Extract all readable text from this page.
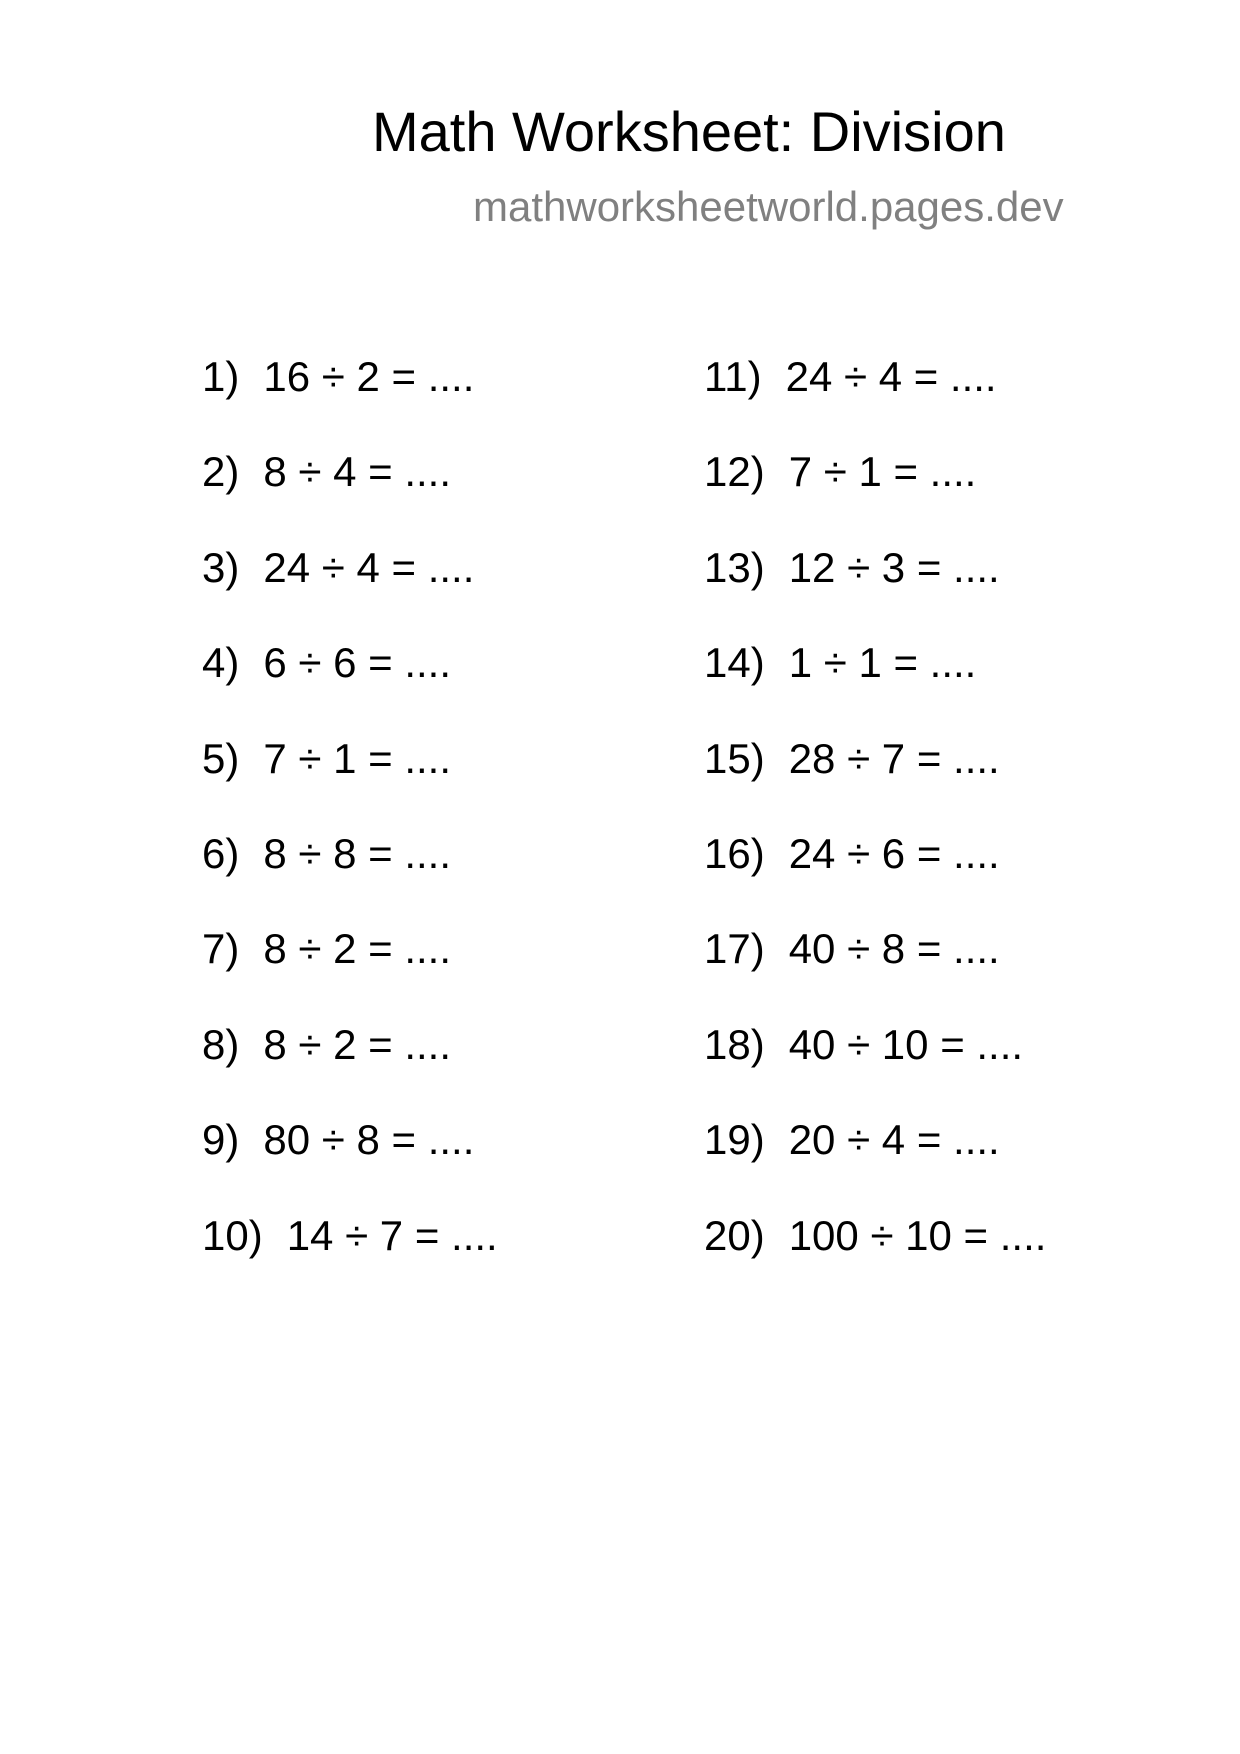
Math Worksheet: Division
mathworksheetworld.pages.dev
1) 16 ÷ 2 = ....
2) 8 ÷ 4 = ....
3) 24 ÷ 4 = ....
4) 6 ÷ 6 = ....
5) 7 ÷ 1 = ....
6) 8 ÷ 8 = ....
7) 8 ÷ 2 = ....
8) 8 ÷ 2 = ....
9) 80 ÷ 8 = ....
10) 14 ÷ 7 = ....
11) 24 ÷ 4 = ....
12) 7 ÷ 1 = ....
13) 12 ÷ 3 = ....
14) 1 ÷ 1 = ....
15) 28 ÷ 7 = ....
16) 24 ÷ 6 = ....
17) 40 ÷ 8 = ....
18) 40 ÷ 10 = ....
19) 20 ÷ 4 = ....
20) 100 ÷ 10 = ....
